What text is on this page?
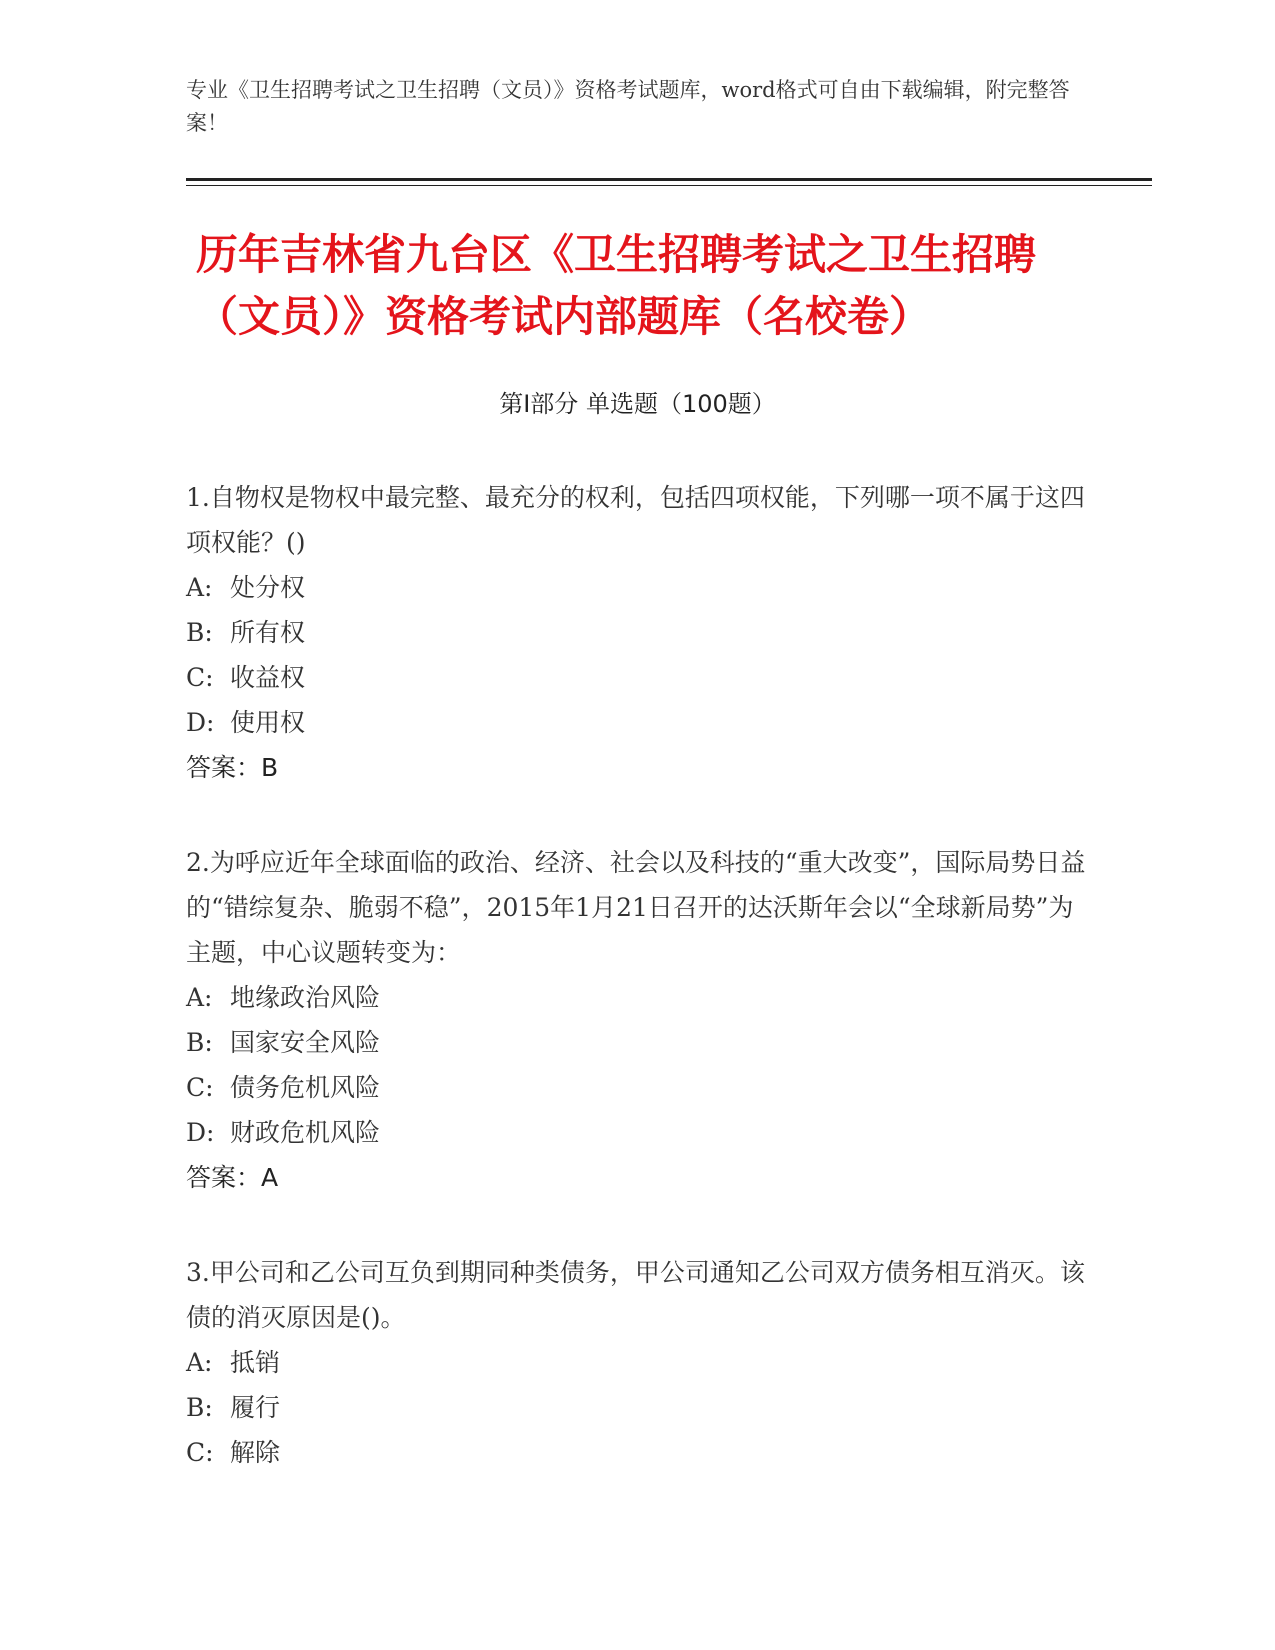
专业《卫生招聘考试之卫生招聘（文员）》资格考试题库，word格式可自由下载编辑，附完整答案！
历年吉林省九台区《卫生招聘考试之卫生招聘（文员）》资格考试内部题库（名校卷）
第Ⅰ部分 单选题（100题）
1.自物权是物权中最完整、最充分的权利，包括四项权能，下列哪一项不属于这四项权能？()
A: 处分权
B: 所有权
C: 收益权
D: 使用权
答案：B
2.为呼应近年全球面临的政治、经济、社会以及科技的“重大改变”，国际局势日益的“错综复杂、脆弱不稳”，2015年1月21日召开的达沃斯年会以“全球新局势”为主题，中心议题转变为：
A: 地缘政治风险
B: 国家安全风险
C: 债务危机风险
D: 财政危机风险
答案：A
3.甲公司和乙公司互负到期同种类债务，甲公司通知乙公司双方债务相互消灭。该债的消灭原因是()。
A: 抵销
B: 履行
C: 解除
